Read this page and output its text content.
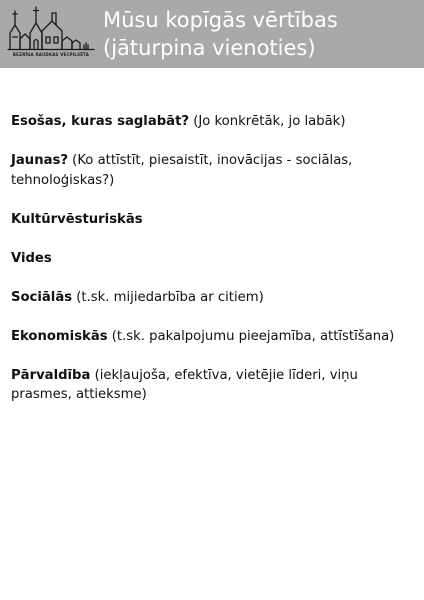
BEZRĪGA RAUDKAS VECPILSĒTA
Mūsu kopīgās vērtības
(jāturpina vienoties)

Esošas, kuras saglabāt? (Jo konkrētāk, jo labāk)

Jaunas? (Ko attīstīt, piesaistīt, inovācijas - sociālas, tehnoloģiskas?)

Kultūrvēsturiskās

Vides

Sociālās (t.sk. mijiedarbība ar citiem)

Ekonomiskās (t.sk. pakalpojumu pieejamība, attīstīšana)

Pārvaldība (iekļaujoša, efektīva, vietējie līderi, viņu prasmes, attieksme)
